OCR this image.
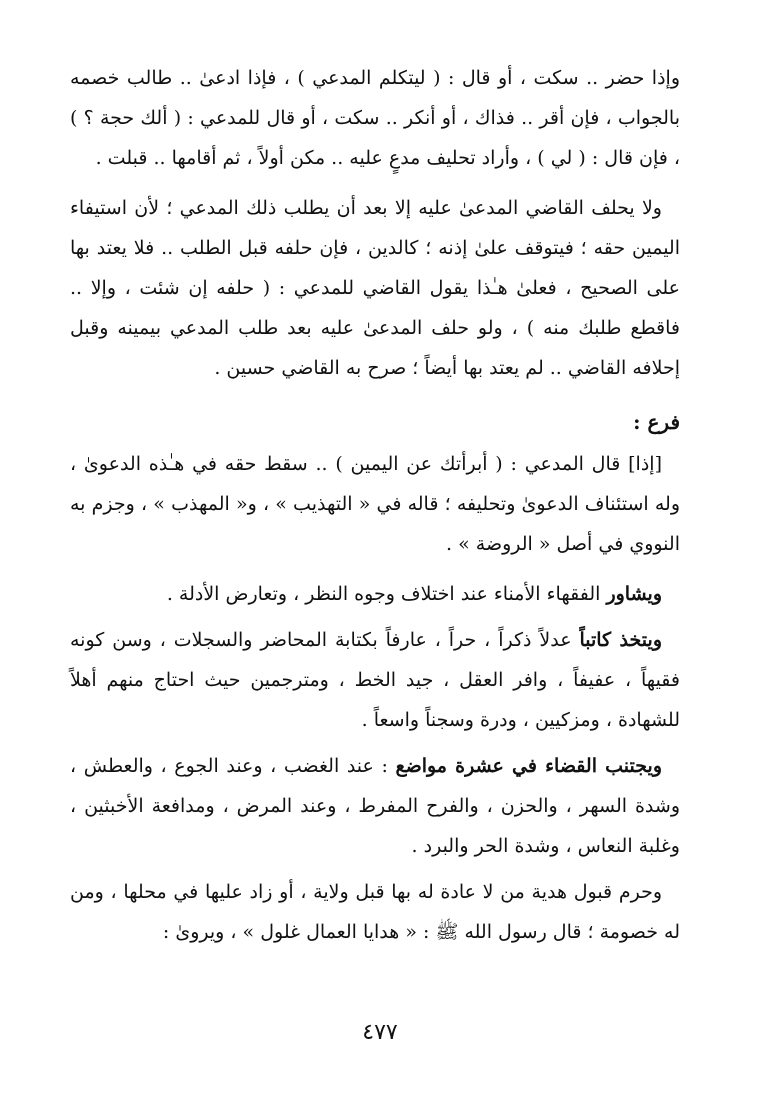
وإذا حضر .. سكت ، أو قال : ( ليتكلم المدعي ) ، فإذا ادعىٰ .. طالب خصمه بالجواب ، فإن أقر .. فذاك ، أو أنكر .. سكت ، أو قال للمدعي : ( ألك حجة ؟ ) ، فإن قال : ( لي ) ، وأراد تحليف مدعٍ عليه .. مكن أولاً ، ثم أقامها .. قبلت .

ولا يحلف القاضي المدعىٰ عليه إلا بعد أن يطلب ذلك المدعي ؛ لأن استيفاء اليمين حقه ؛ فيتوقف علىٰ إذنه ؛ كالدين ، فإن حلفه قبل الطلب .. فلا يعتد بها على الصحيح ، فعلىٰ هـٰذا يقول القاضي للمدعي : ( حلفه إن شئت ، وإلا .. فاقطع طلبك منه ) ، ولو حلف المدعىٰ عليه بعد طلب المدعي بيمينه وقبل إحلافه القاضي .. لم يعتد بها أيضاً ؛ صرح به القاضي حسين .

فرع :

[إذا] قال المدعي : ( أبرأتك عن اليمين ) .. سقط حقه في هـٰذه الدعوىٰ ، وله استئناف الدعوىٰ وتحليفه ؛ قاله في « التهذيب » ، و« المهذب » ، وجزم به النووي في أصل « الروضة » .

ويشاور الفقهاء الأمناء عند اختلاف وجوه النظر ، وتعارض الأدلة .

ويتخذ كاتباً عدلاً ذكراً ، حراً ، عارفاً بكتابة المحاضر والسجلات ، وسن كونه فقيهاً ، عفيفاً ، وافر العقل ، جيد الخط ، ومترجمين حيث احتاج منهم أهلاً للشهادة ، ومزكيين ، ودرة وسجناً واسعاً .

ويجتنب القضاء في عشرة مواضع : عند الغضب ، وعند الجوع ، والعطش ، وشدة السهر ، والحزن ، والفرح المفرط ، وعند المرض ، ومدافعة الأخبثين ، وغلبة النعاس ، وشدة الحر والبرد .

وحرم قبول هدية من لا عادة له بها قبل ولاية ، أو زاد عليها في محلها ، ومن له خصومة ؛ قال رسول الله ﷺ : « هدايا العمال غلول » ، ويروىٰ :

٤٧٧
